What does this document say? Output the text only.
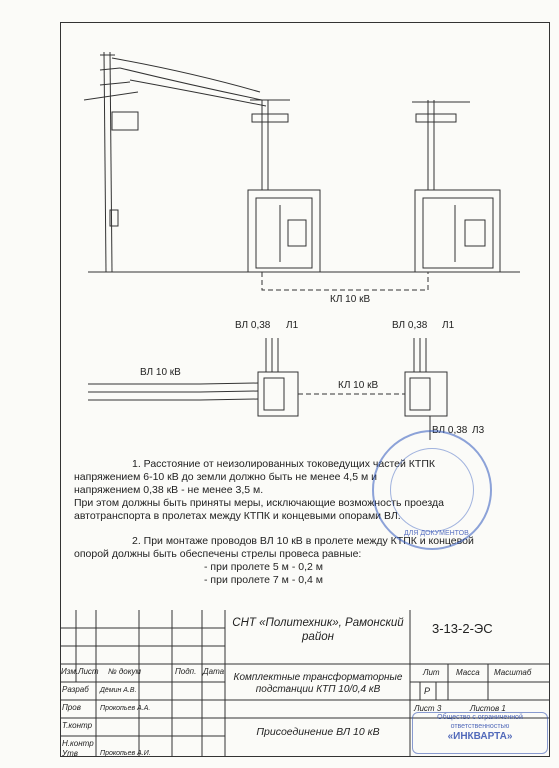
КЛ 10 кВ
КЛ 10 кВ
ВЛ 10 кВ
ВЛ 0,38 Л1	ВЛ 0,38 Л1
ВЛ 0,38 Л3
1. Расстояние от неизолированных токоведущих частей КТПК
напряжением 6-10 кВ до земли должно быть не менее 4,5 м и
напряжением 0,38 кВ - не менее 3,5 м.
При этом должны быть приняты меры, исключающие возможность проезда
автотранспорта в пролетах между КТПК и концевыми опорами ВЛ.
2. При монтаже проводов ВЛ 10 кВ в пролете между КТПК и концевой
опорой должны быть обеспечены стрелы провеса равные:
- при пролете 5 м - 0,2 м
- при пролете 7 м - 0,4 м
ДЛЯ ДОКУМЕНТОВ
СНТ «Политехник», Рамонский район
3-13-2-ЭС
Изм. Лист № докум	Подп. Дата
Разраб Дёмин А.В.
Пров	Прокопьев А.А.
Т.контр
Н.контр
Утв	Прокопьев А.И.
Комплектные трансформаторные подстанции КТП 10/0,4 кВ
Присоединение ВЛ 10 кВ
Лит Масса Масштаб
Р
Лист 3	Листов 1
Общество с ограниченной
ответственностью
«ИНКВАРТА»
